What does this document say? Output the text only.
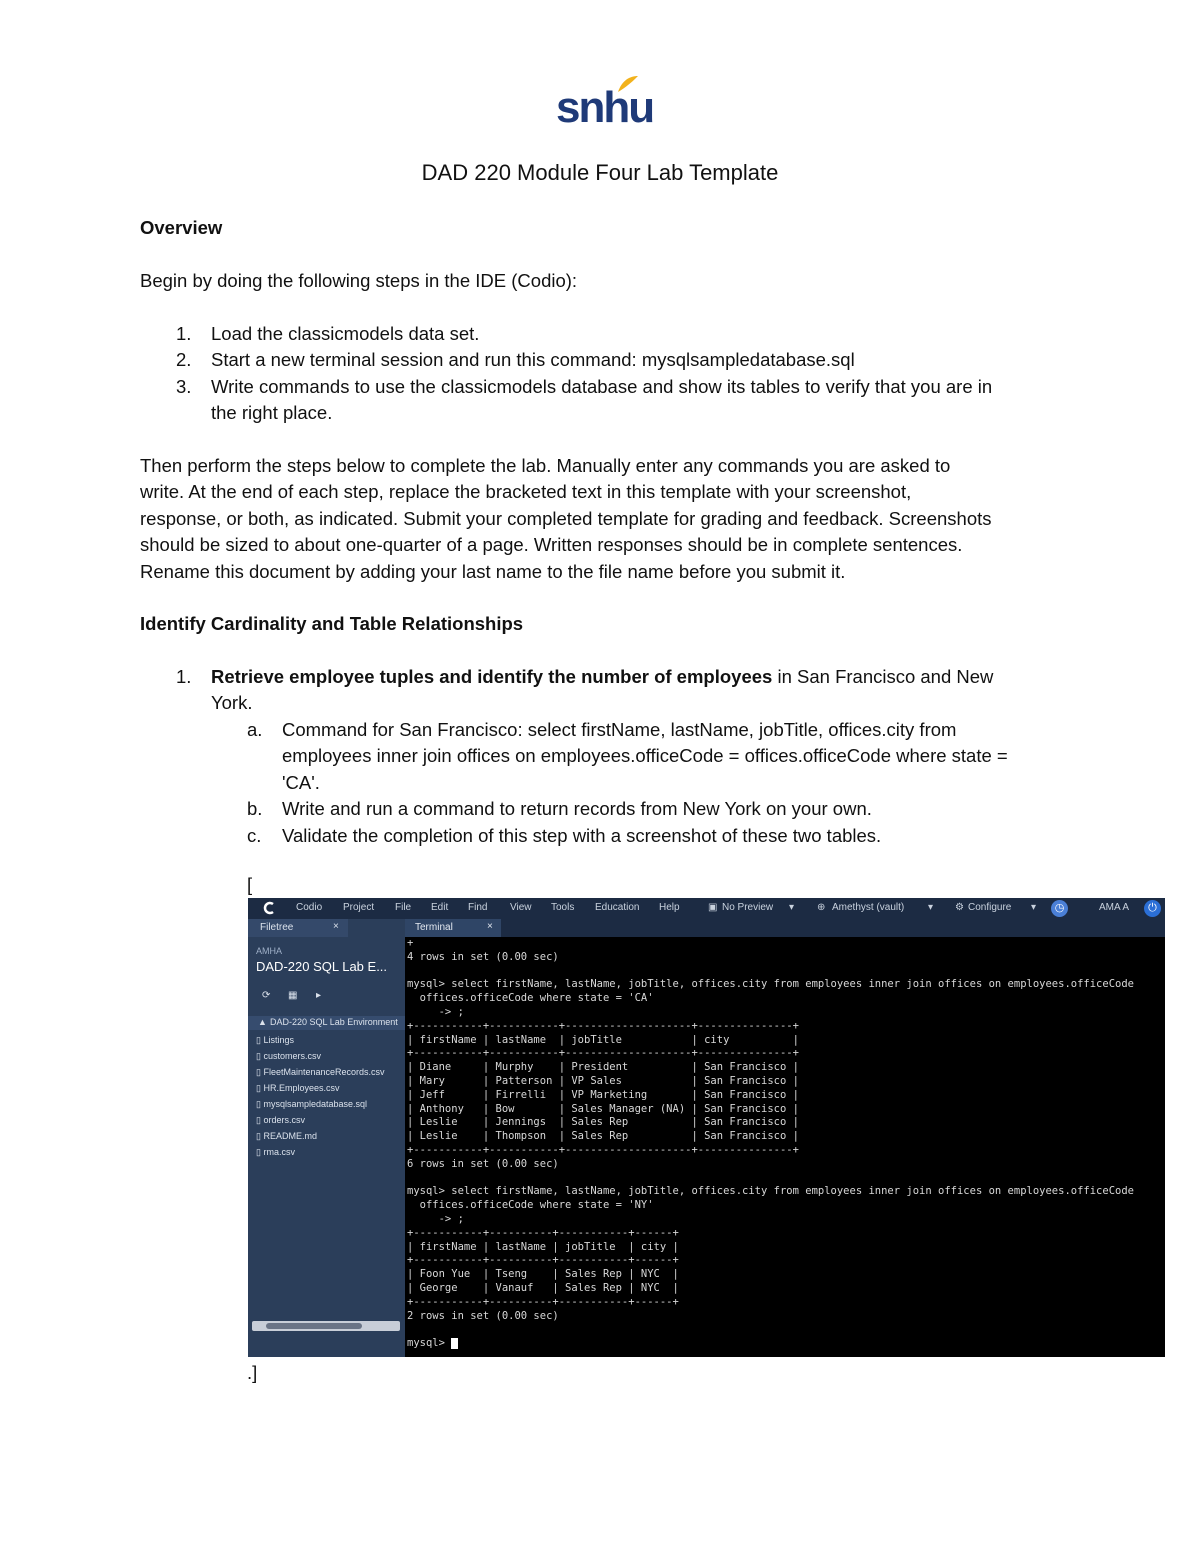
snhu
DAD 220 Module Four Lab Template
Overview
Begin by doing the following steps in the IDE (Codio):
1. Load the classicmodels data set.
2. Start a new terminal session and run this command: mysqlsampledatabase.sql
3. Write commands to use the classicmodels database and show its tables to verify that you are in
the right place.
Then perform the steps below to complete the lab. Manually enter any commands you are asked to
write. At the end of each step, replace the bracketed text in this template with your screenshot,
response, or both, as indicated. Submit your completed template for grading and feedback. Screenshots
should be sized to about one-quarter of a page. Written responses should be in complete sentences.
Rename this document by adding your last name to the file name before you submit it.
Identify Cardinality and Table Relationships
1. Retrieve employee tuples and identify the number of employees in San Francisco and New
York.
a. Command for San Francisco: select firstName, lastName, jobTitle, offices.city from
employees inner join offices on employees.officeCode = offices.officeCode where state =
'CA'.
b. Write and run a command to return records from New York on your own.
c. Validate the completion of this step with a screenshot of these two tables.
[
Codio Project File Edit Find View Tools Education Help	▣ No Preview ▾ ⊕ Amethyst (vault) ▾ ⚙ Configure ▾	◷	AMA A	⏻
Filetree	×
AMHA
DAD-220 SQL Lab E...
⟳ ▦ ▸
▲ DAD-220 SQL Lab Environment
▯ Listings
▯ customers.csv
▯ FleetMaintenanceRecords.csv
▯ HR.Employees.csv
▯ mysqlsampledatabase.sql
▯ orders.csv
▯ README.md
▯ rma.csv
Terminal	×
+
4 rows in set (0.00 sec)

mysql> select firstName, lastName, jobTitle, offices.city from employees inner join offices on employees.officeCode
offices.officeCode where state = 'CA'
-> ;
+-----------+-----------+--------------------+---------------+
| firstName | lastName  | jobTitle           | city          |
+-----------+-----------+--------------------+---------------+
| Diane     | Murphy    | President          | San Francisco |
| Mary      | Patterson | VP Sales           | San Francisco |
| Jeff      | Firrelli  | VP Marketing       | San Francisco |
| Anthony   | Bow       | Sales Manager (NA) | San Francisco |
| Leslie    | Jennings  | Sales Rep          | San Francisco |
| Leslie    | Thompson  | Sales Rep          | San Francisco |
+-----------+-----------+--------------------+---------------+
6 rows in set (0.00 sec)

mysql> select firstName, lastName, jobTitle, offices.city from employees inner join offices on employees.officeCode
offices.officeCode where state = 'NY'
-> ;
+-----------+----------+-----------+------+
| firstName | lastName | jobTitle  | city |
+-----------+----------+-----------+------+
| Foon Yue  | Tseng    | Sales Rep | NYC  |
| George    | Vanauf   | Sales Rep | NYC  |
+-----------+----------+-----------+------+
2 rows in set (0.00 sec)

mysql>
.]
